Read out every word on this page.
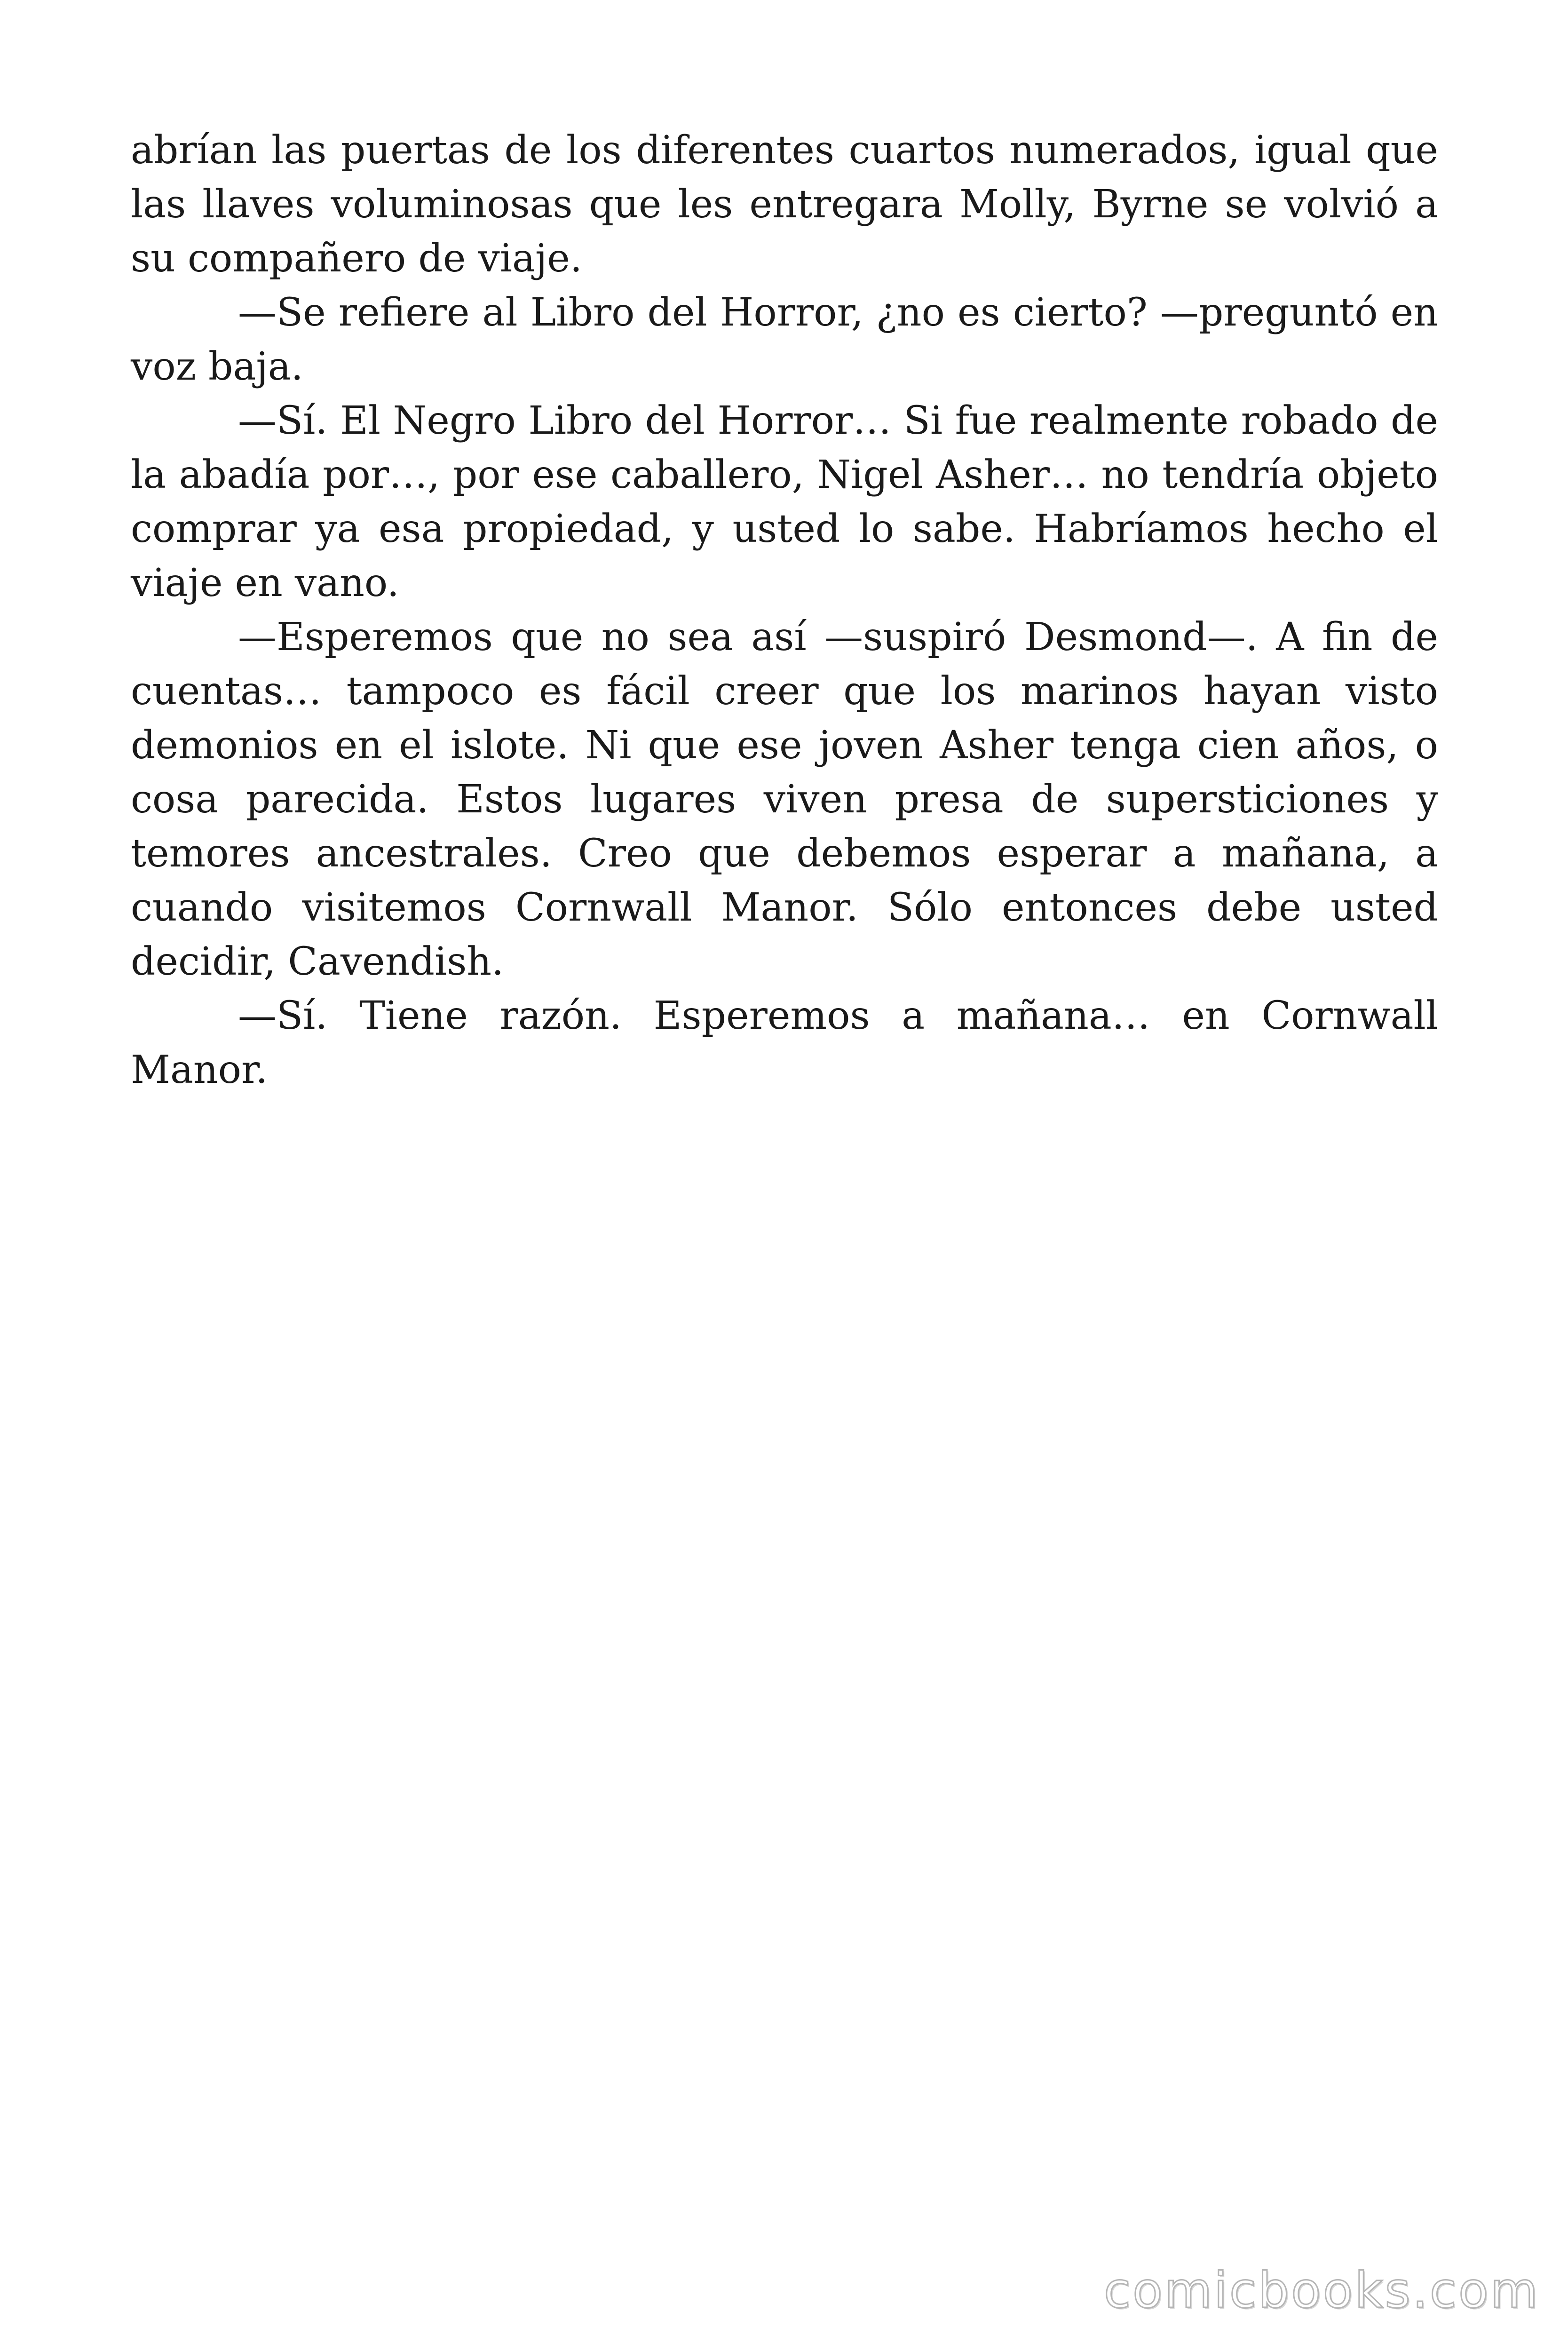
abrían las puertas de los diferentes cuartos numerados, igual que las llaves voluminosas que les entregara Molly, Byrne se volvió a su compañero de viaje.

—Se refiere al Libro del Horror, ¿no es cierto? —preguntó en voz baja.

—Sí. El Negro Libro del Horror… Si fue realmente robado de la abadía por…, por ese caballero, Nigel Asher… no tendría objeto comprar ya esa propiedad, y usted lo sabe. Habríamos hecho el viaje en vano.

—Esperemos que no sea así —suspiró Desmond—. A fin de cuentas… tampoco es fácil creer que los marinos hayan visto demonios en el islote. Ni que ese joven Asher tenga cien años, o cosa parecida. Estos lugares viven presa de supersticiones y temores ancestrales. Creo que debemos esperar a mañana, a cuando visitemos Cornwall Manor. Sólo entonces debe usted decidir, Cavendish.

—Sí. Tiene razón. Esperemos a mañana… en Cornwall Manor.

comicbooks.com
